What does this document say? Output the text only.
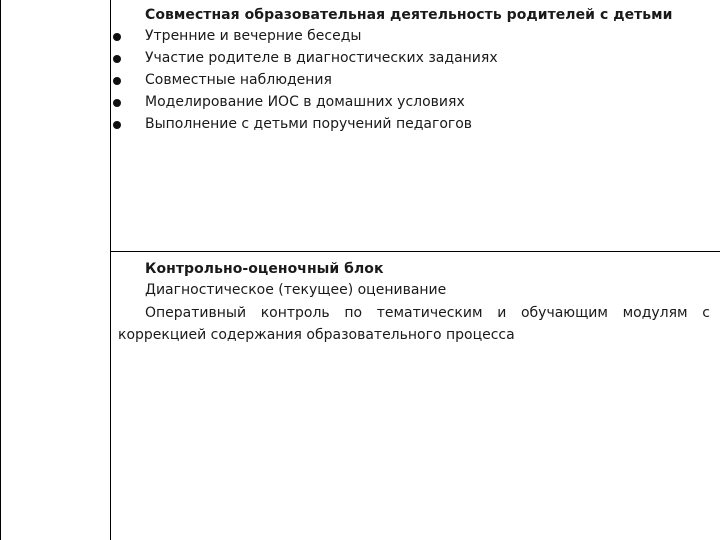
Совместная образовательная деятельность родителей с детьми
Утренние и вечерние беседы
Участие родителе в диагностических заданиях
Совместные наблюдения
Моделирование ИОС в домашних условиях
Выполнение с детьми поручений педагогов
Контрольно-оценочный блок
Диагностическое (текущее) оценивание
Оперативный контроль по тематическим и обучающим модулям с
коррекцией содержания образовательного процесса
